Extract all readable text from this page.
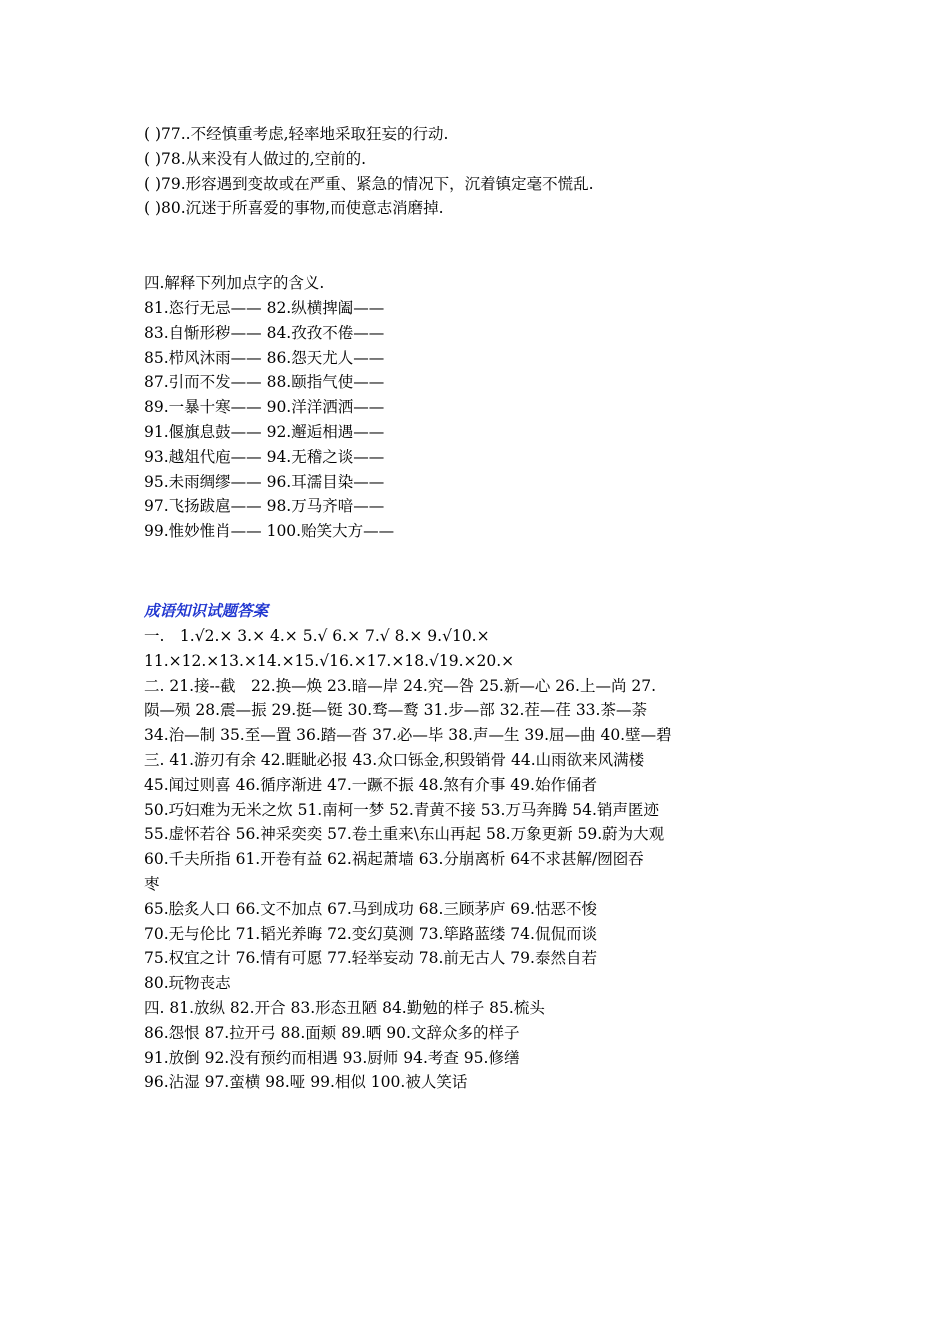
( )77..不经慎重考虑,轻率地采取狂妄的行动.
( )78.从来没有人做过的,空前的.
( )79.形容遇到变故或在严重、紧急的情况下，沉着镇定毫不慌乱.
( )80.沉迷于所喜爱的事物,而使意志消磨掉.
四.解释下列加点字的含义.
81.恣行无忌—— 82.纵横捭阖——
83.自惭形秽—— 84.孜孜不倦——
85.栉风沐雨—— 86.怨天尤人——
87.引而不发—— 88.颐指气使——
89.一暴十寒—— 90.洋洋洒洒——
91.偃旗息鼓—— 92.邂逅相遇——
93.越俎代庖—— 94.无稽之谈——
95.未雨绸缪—— 96.耳濡目染——
97.飞扬跋扈—— 98.万马齐喑——
99.惟妙惟肖—— 100.贻笑大方——
成语知识试题答案
一.　1.√2.× 3.× 4.× 5.√ 6.× 7.√ 8.× 9.√10.×
11.×12.×13.×14.×15.√16.×17.×18.√19.×20.×
二. 21.接--截　22.换—焕 23.暗—岸 24.究—咎 25.新—心 26.上—尚 27.
陨—殒 28.震—振 29.挺—铤 30.骛—鹜 31.步—部 32.茬—荏 33.茶—荼
34.治—制 35.至—置 36.踏—沓 37.必—毕 38.声—生 39.屈—曲 40.壁—碧
三. 41.游刃有余 42.睚眦必报 43.众口铄金,积毁销骨 44.山雨欲来风满楼
45.闻过则喜 46.循序渐进 47.一蹶不振 48.煞有介事 49.始作俑者
50.巧妇难为无米之炊 51.南柯一梦 52.青黄不接 53.万马奔腾 54.销声匿迹
55.虚怀若谷 56.神采奕奕 57.卷土重来\东山再起 58.万象更新 59.蔚为大观
60.千夫所指 61.开卷有益 62.祸起萧墙 63.分崩离析 64不求甚解/囫囵吞
枣
65.脍炙人口 66.文不加点 67.马到成功 68.三顾茅庐 69.怙恶不悛
70.无与伦比 71.韬光养晦 72.变幻莫测 73.筚路蓝缕 74.侃侃而谈
75.权宜之计 76.情有可愿 77.轻举妄动 78.前无古人 79.泰然自若
80.玩物丧志
四. 81.放纵 82.开合 83.形态丑陋 84.勤勉的样子 85.梳头
86.怨恨 87.拉开弓 88.面颊 89.晒 90.文辞众多的样子
91.放倒 92.没有预约而相遇 93.厨师 94.考查 95.修缮
96.沾湿 97.蛮横 98.哑 99.相似 100.被人笑话
